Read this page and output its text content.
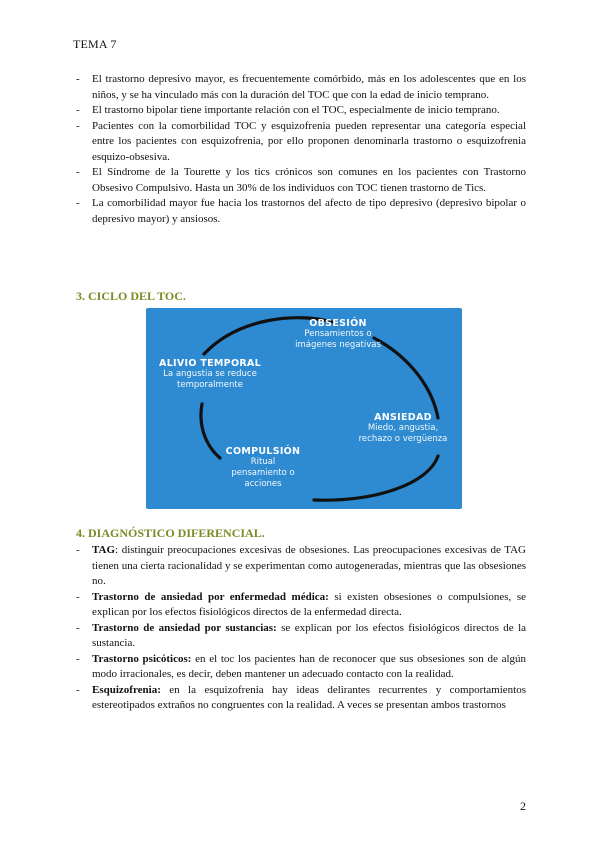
TEMA 7
- El trastorno depresivo mayor, es frecuentemente comórbido, más en los adolescentes que en los niños, y se ha vinculado más con la duración del TOC que con la edad de inicio temprano.
- El trastorno bipolar tiene importante relación con el TOC, especialmente de inicio temprano.
- Pacientes con la comorbilidad TOC y esquizofrenia pueden representar una categoría especial entre los pacientes con esquizofrenia, por ello proponen denominarla trastorno o esquizofrenia esquizo-obsesiva.
- El Síndrome de la Tourette y los tics crónicos son comunes en los pacientes con Trastorno Obsesivo Compulsivo. Hasta un 30% de los individuos con TOC tienen trastorno de Tics.
- La comorbilidad mayor fue hacia los trastornos del afecto de tipo depresivo (depresivo bipolar o depresivo mayor) y ansiosos.
3. CICLO DEL TOC.
OBSESIÓN
Pensamientos o
imágenes negativas
ANSIEDAD
Miedo, angustia,
rechazo o vergüenza
COMPULSIÓN
Ritual
pensamiento o
acciones
ALIVIO TEMPORAL
La angustia se reduce
temporalmente
4. DIAGNÓSTICO DIFERENCIAL.
- TAG: distinguir preocupaciones excesivas de obsesiones. Las preocupaciones excesivas de TAG tienen una cierta racionalidad y se experimentan como autogeneradas, mientras que las obsesiones no.
- Trastorno de ansiedad por enfermedad médica: si existen obsesiones o compulsiones, se explican por los efectos fisiológicos directos de la enfermedad directa.
- Trastorno de ansiedad por sustancias: se explican por los efectos fisiológicos directos de la sustancia.
- Trastorno psicóticos: en el toc los pacientes han de reconocer que sus obsesiones son de algún modo irracionales, es decir, deben mantener un adecuado contacto con la realidad.
- Esquizofrenia: en la esquizofrenia hay ideas delirantes recurrentes y comportamientos estereotipados extraños no congruentes con la realidad. A veces se presentan ambos trastornos
2
